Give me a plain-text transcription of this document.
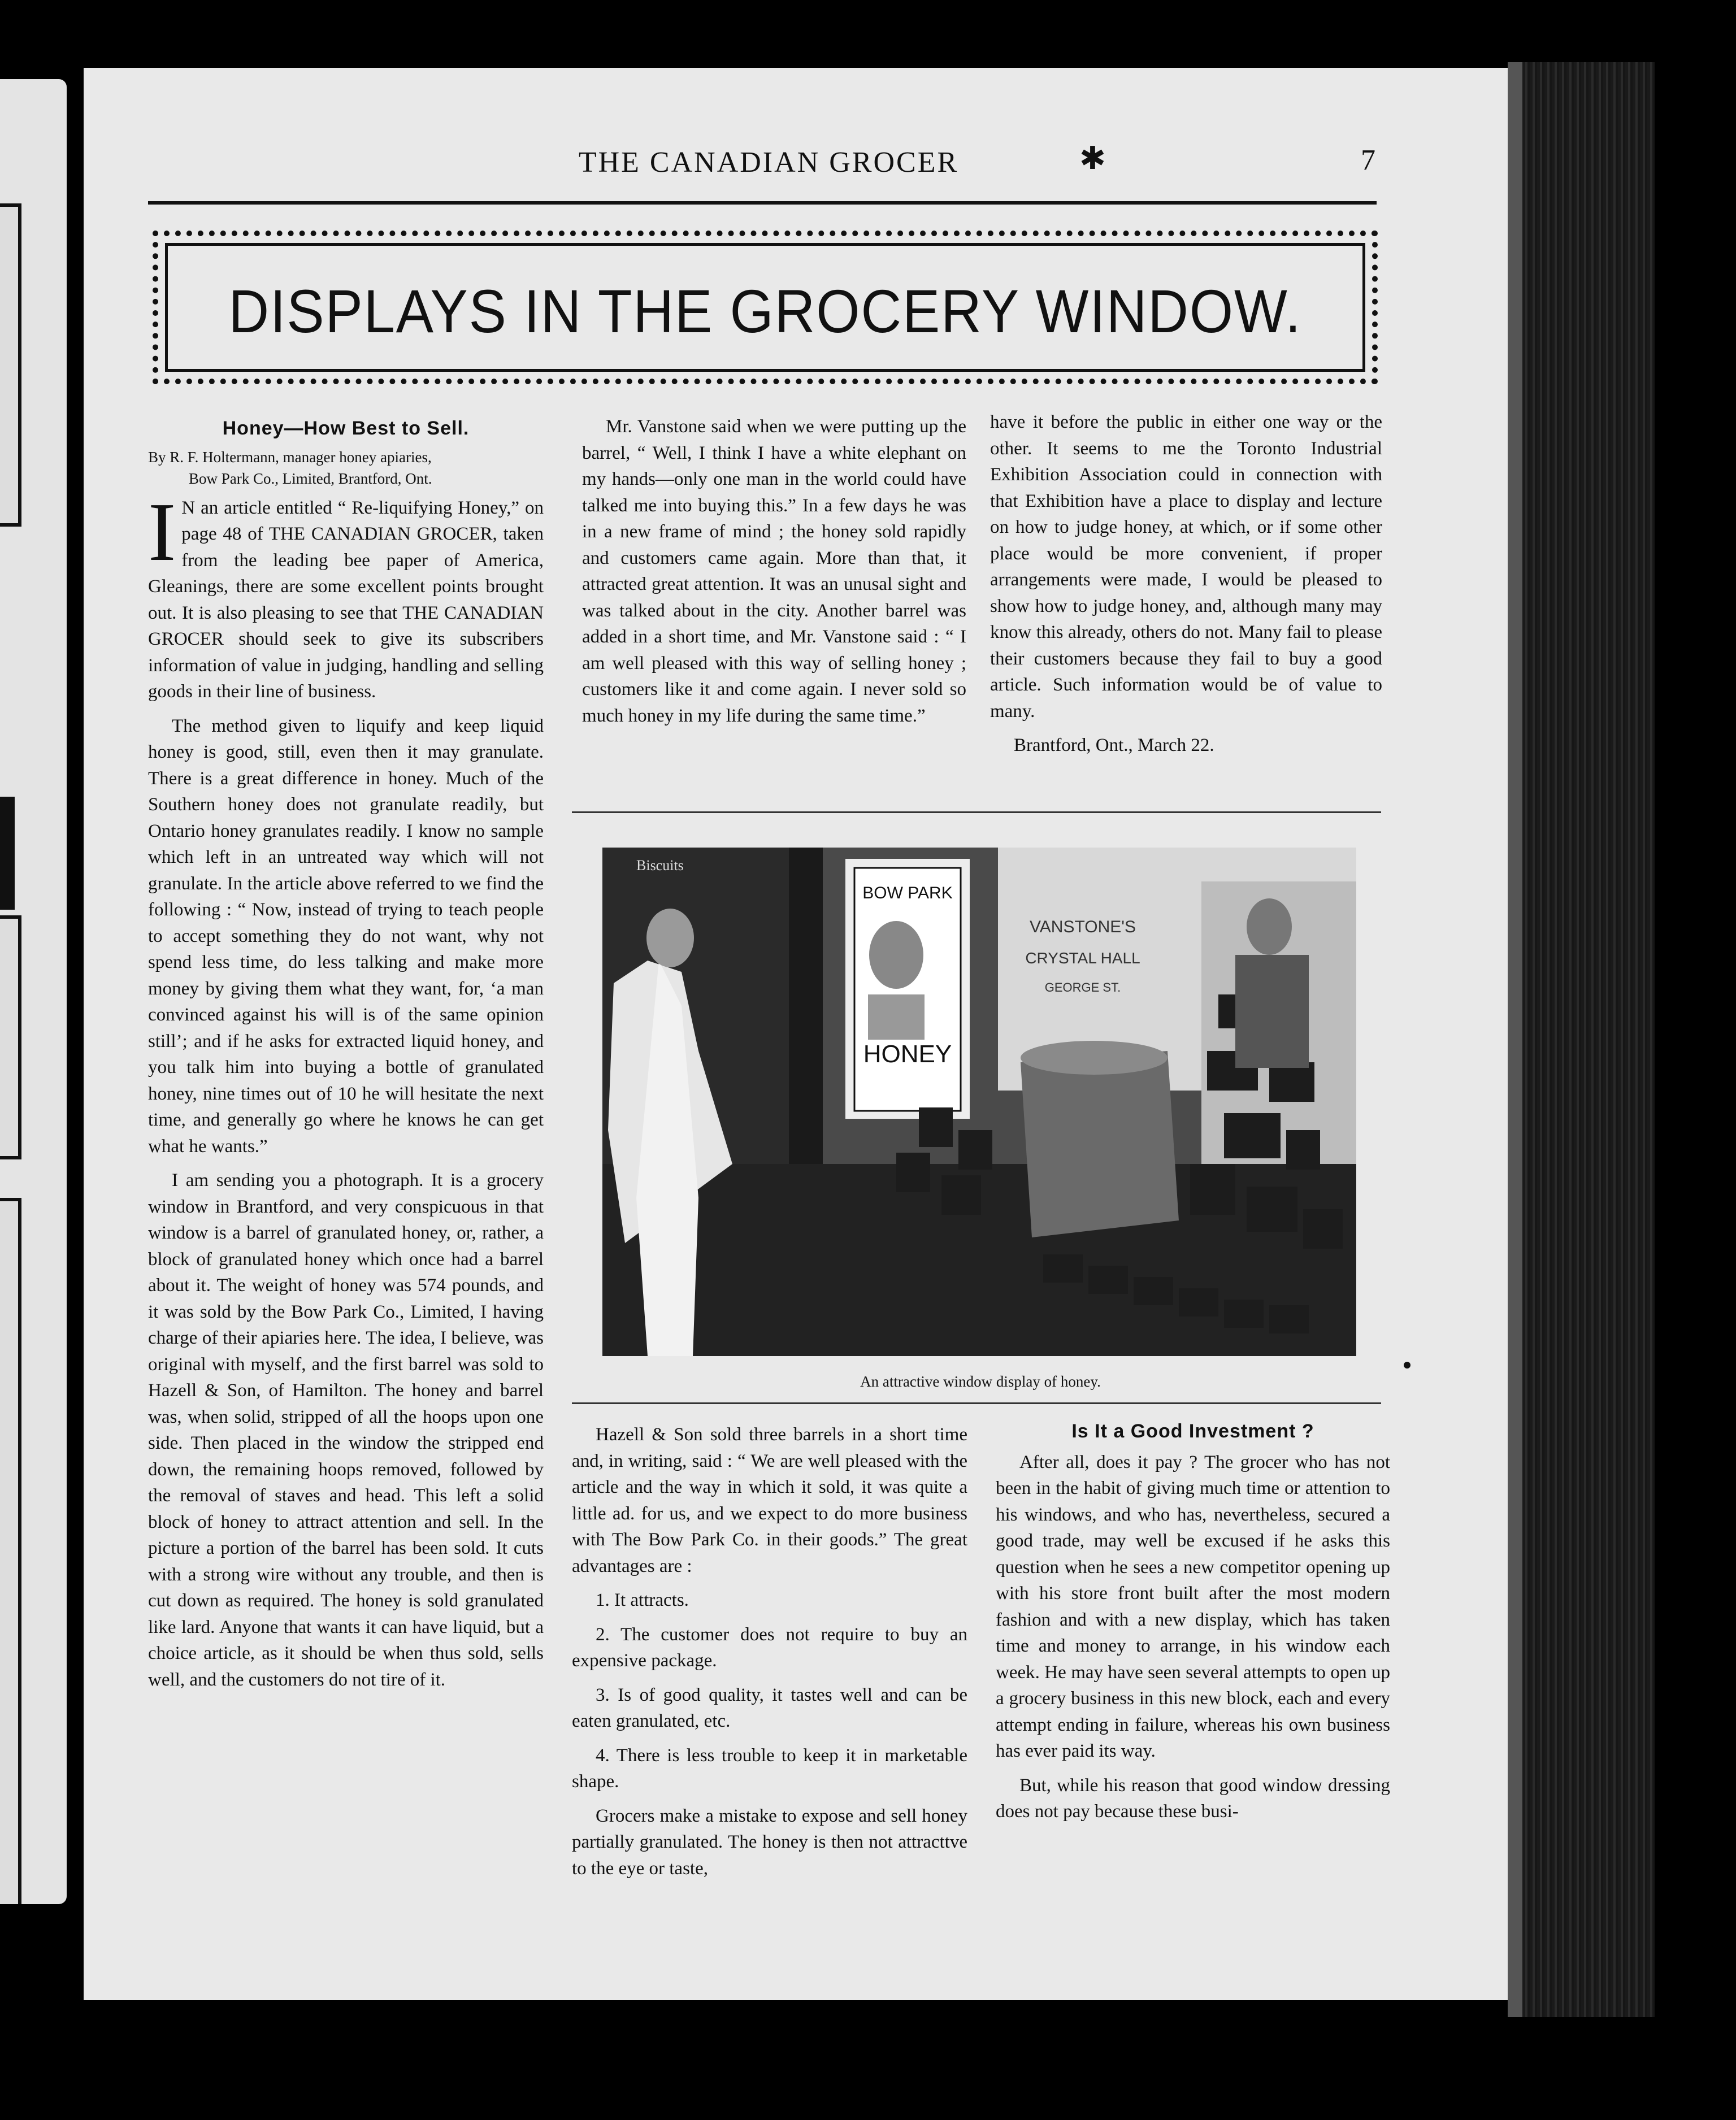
THE CANADIAN GROCER	✱	7
DISPLAYS IN THE GROCERY WINDOW.
Honey—How Best to Sell.
By R. F. Holtermann, manager honey apiaries,
Bow Park Co., Limited, Brantford, Ont.

I N an article entitled “ Re-liquifying Honey,” on page 48 of THE CANADIAN GROCER, taken from the leading bee paper of America, Gleanings, there are some excellent points brought out. It is also pleasing to see that THE CANADIAN GROCER should seek to give its subscribers information of value in judging, handling and selling goods in their line of business.

The method given to liquify and keep liquid honey is good, still, even then it may granulate. There is a great difference in honey. Much of the Southern honey does not granulate readily, but Ontario honey granulates readily. I know no sample which left in an untreated way which will not granulate. In the article above referred to we find the following : “ Now, instead of trying to teach people to accept something they do not want, why not spend less time, do less talking and make more money by giving them what they want, for, ‘a man convinced against his will is of the same opinion still’; and if he asks for extracted liquid honey, and you talk him into buying a bottle of granulated honey, nine times out of 10 he will hesitate the next time, and generally go where he knows he can get what he wants.”

I am sending you a photograph. It is a grocery window in Brantford, and very conspicuous in that window is a barrel of granulated honey, or, rather, a block of granulated honey which once had a barrel about it. The weight of honey was 574 pounds, and it was sold by the Bow Park Co., Limited, I having charge of their apiaries here. The idea, I believe, was original with myself, and the first barrel was sold to Hazell & Son, of Hamilton. The honey and barrel was, when solid, stripped of all the hoops upon one side. Then placed in the window the stripped end down, the remaining hoops removed, followed by the removal of staves and head. This left a solid block of honey to attract attention and sell. In the picture a portion of the barrel has been sold. It cuts with a strong wire without any trouble, and then is cut down as required. The honey is sold granulated like lard. Anyone that wants it can have liquid, but a choice article, as it should be when thus sold, sells well, and the customers do not tire of it.

Mr. Vanstone said when we were putting up the barrel, “ Well, I think I have a white elephant on my hands—only one man in the world could have talked me into buying this.” In a few days he was in a new frame of mind ; the honey sold rapidly and customers came again. More than that, it attracted great attention. It was an unusal sight and was talked about in the city. Another barrel was added in a short time, and Mr. Vanstone said : “ I am well pleased with this way of selling honey ; customers like it and come again. I never sold so much honey in my life during the same time.”

have it before the public in either one way or the other. It seems to me the Toronto Industrial Exhibition Association could in connection with that Exhibition have a place to display and lecture on how to judge honey, at which, or if some other place would be more convenient, if proper arrangements were made, I would be pleased to show how to judge honey, and, although many may know this already, others do not. Many fail to please their customers because they fail to buy a good article. Such information would be of value to many.

Brantford, Ont., March 22.

BOW PARK
HONEY
VANSTONE'S
CRYSTAL HALL
GEORGE ST.
Biscuits
An attractive window display of honey.

Hazell & Son sold three barrels in a short time and, in writing, said : “ We are well pleased with the article and the way in which it sold, it was quite a little ad. for us, and we expect to do more business with The Bow Park Co. in their goods.” The great advantages are :

1. It attracts.

2. The customer does not require to buy an expensive package.

3. Is of good quality, it tastes well and can be eaten granulated, etc.

4. There is less trouble to keep it in marketable shape.

Grocers make a mistake to expose and sell honey partially granulated. The honey is then not attracttve to the eye or taste,

Is It a Good Investment ?

After all, does it pay ? The grocer who has not been in the habit of giving much time or attention to his windows, and who has, nevertheless, secured a good trade, may well be excused if he asks this question when he sees a new competitor opening up with his store front built after the most modern fashion and with a new display, which has taken time and money to arrange, in his window each week. He may have seen several attempts to open up a grocery business in this new block, each and every attempt ending in failure, whereas his own business has ever paid its way.

But, while his reason that good window dressing does not pay because these busi-
